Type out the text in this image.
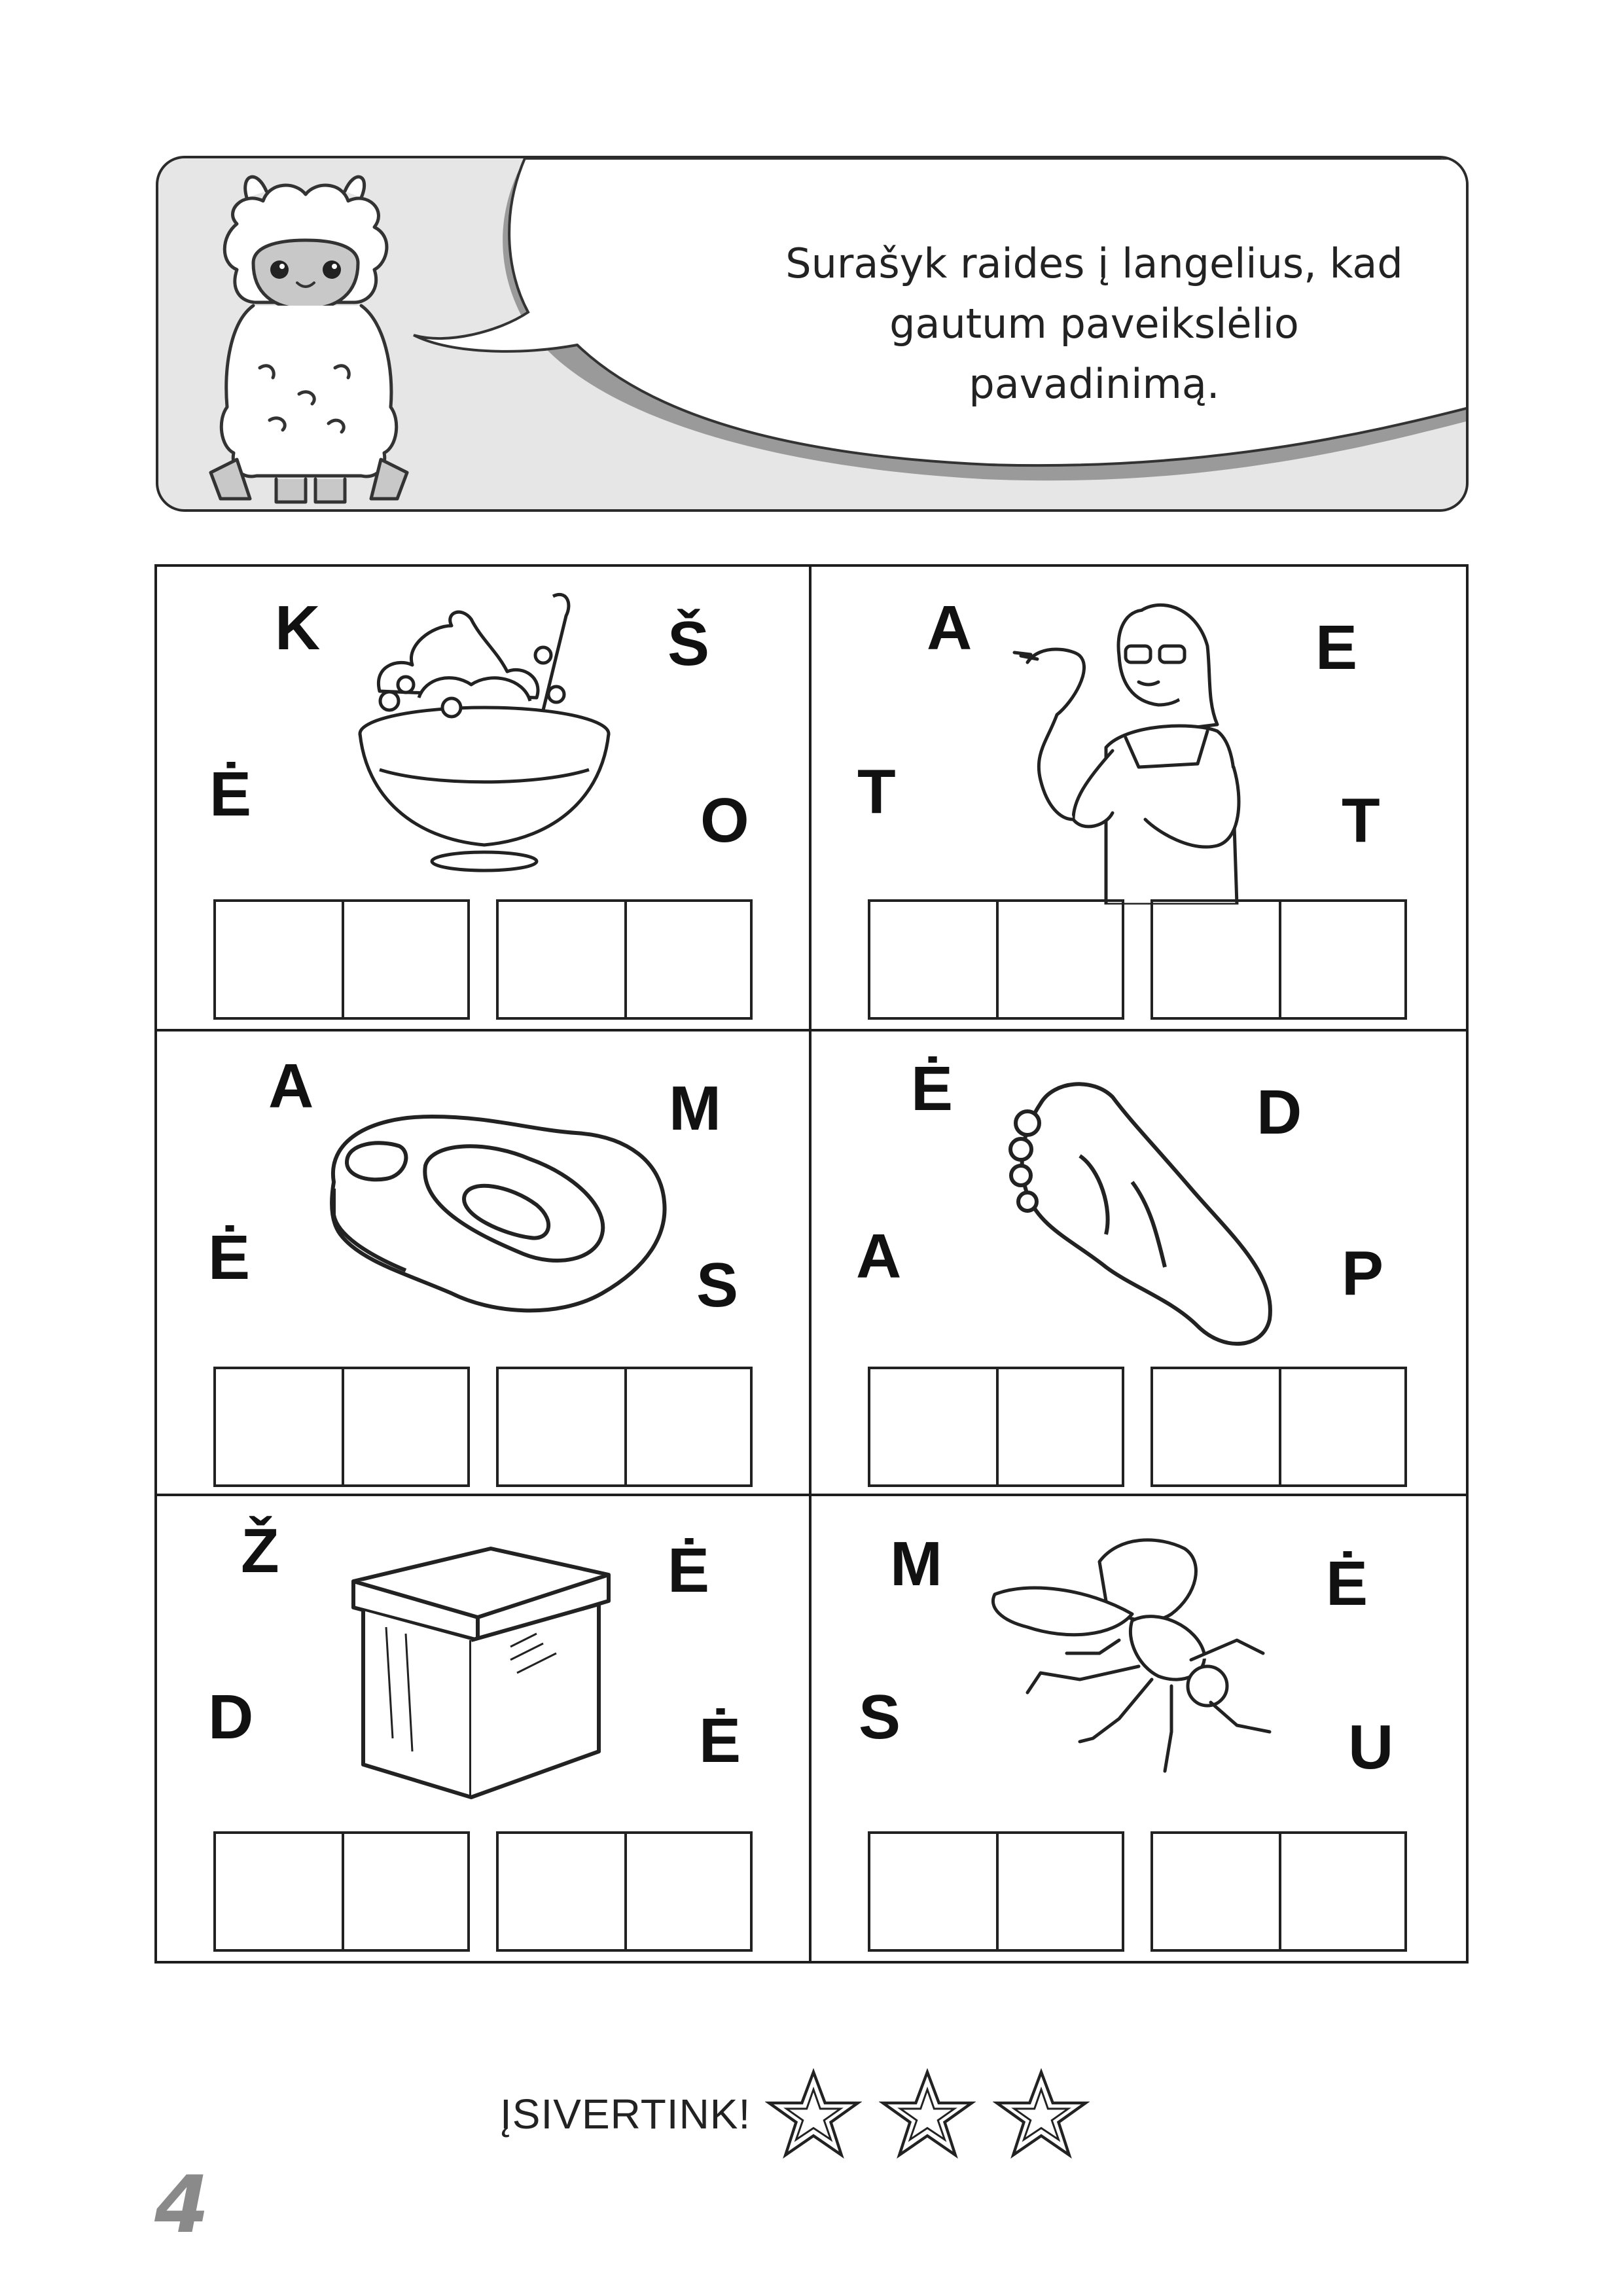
Surašyk raides į langelius, kad
gautum paveikslėlio pavadinimą.
K	Š
Ė	O
A	E
T	T
A	M
Ė	S
Ė	D
A	P
Ž	Ė
D	Ė
M	Ė
S	U
ĮSIVERTINK!
4
